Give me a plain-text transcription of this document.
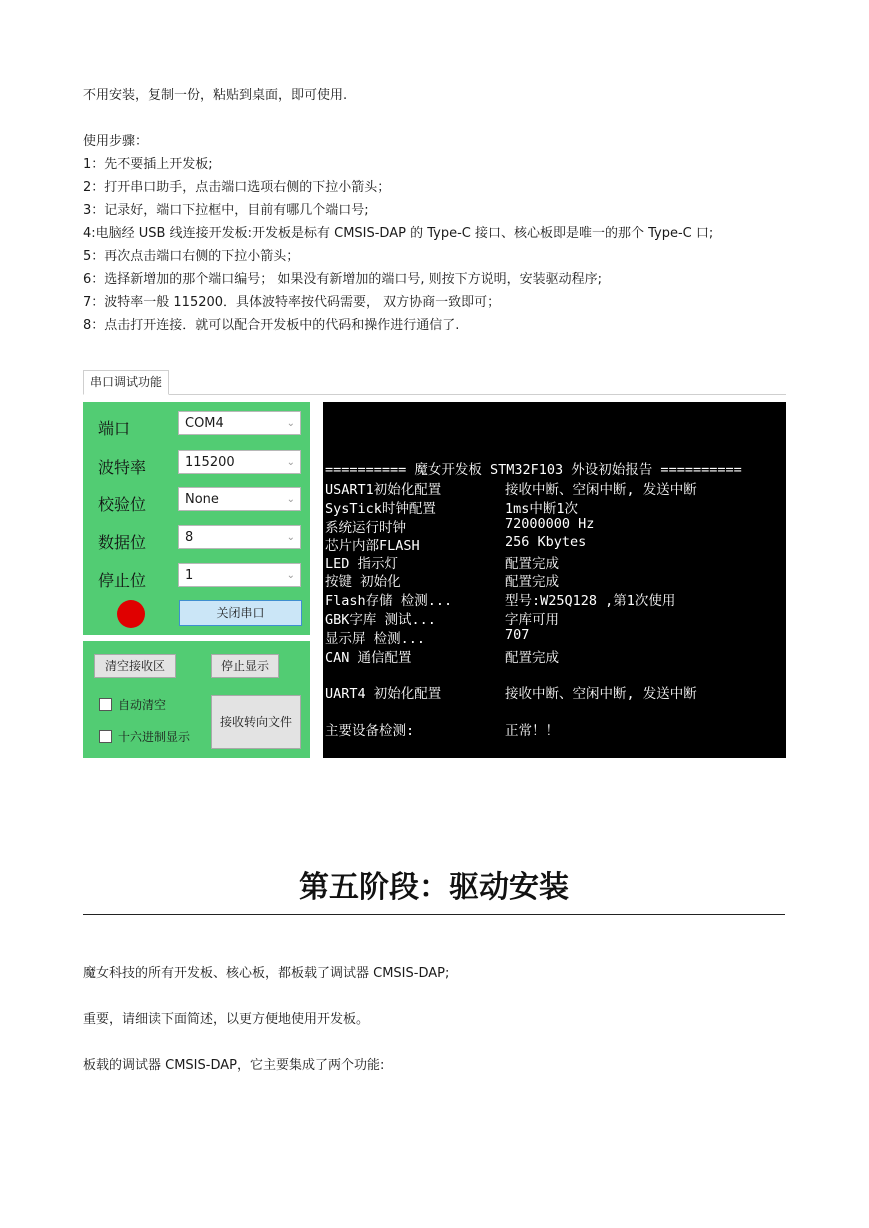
不用安装，复制一份，粘贴到桌面，即可使用.

使用步骤：

1：先不要插上开发板;
2：打开串口助手，点击端口选项右侧的下拉小箭头；
3：记录好，端口下拉框中，目前有哪几个端口号;
4:电脑经 USB 线连接开发板:开发板是标有 CMSIS-DAP 的 Type-C 接口、核心板即是唯一的那个 Type-C 口;
5：再次点击端口右侧的下拉小箭头；
6：选择新增加的那个端口编号； 如果没有新增加的端口号, 则按下方说明，安装驱动程序;
7：波特率一般 115200．具体波特率按代码需要， 双方协商一致即可；
8：点击打开连接．就可以配合开发板中的代码和操作进行通信了.
串口调试功能
端口	COM4	⌄
波特率	115200	⌄
校验位	None	⌄
数据位	8	⌄
停止位	1	⌄
关闭串口
清空接收区	停止显示
自动清空
十六进制显示
接收转向文件
========== 魔女开发板 STM32F103 外设初始报告 ==========
USART1初始化配置	接收中断、空闲中断, 发送中断
SysTick时钟配置	1ms中断1次
系统运行时钟	72000000 Hz
芯片内部FLASH	256 Kbytes
LED 指示灯	配置完成
按键 初始化	配置完成
Flash存储 检测...	型号:W25Q128 ,第1次使用
GBK字库 测试...	字库可用
显示屏 检测...	707
CAN 通信配置	配置完成
UART4 初始化配置	接收中断、空闲中断, 发送中断
主要设备检测:	正常！！
第五阶段：驱动安装

魔女科技的所有开发板、核心板，都板载了调试器 CMSIS-DAP;

重要，请细读下面简述，以更方便地使用开发板。

板载的调试器 CMSIS-DAP，它主要集成了两个功能:
